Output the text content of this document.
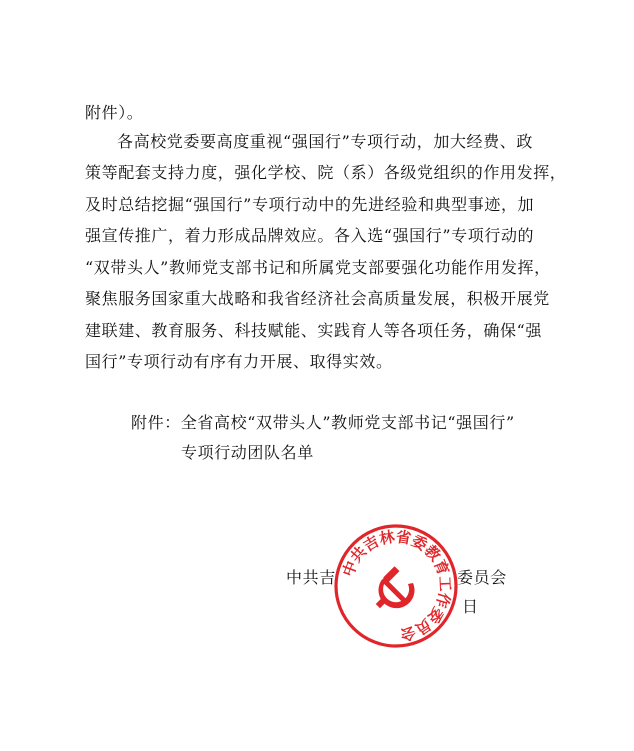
附件）。
各高校党委要高度重视“强国行”专项行动，加大经费、政
策等配套支持力度，强化学校、院（系）各级党组织的作用发挥，
及时总结挖掘“强国行”专项行动中的先进经验和典型事迹，加
强宣传推广，着力形成品牌效应。各入选“强国行”专项行动的
“双带头人”教师党支部书记和所属党支部要强化功能作用发挥，
聚焦服务国家重大战略和我省经济社会高质量发展，积极开展党
建联建、教育服务、科技赋能、实践育人等各项任务，确保“强
国行”专项行动有序有力开展、取得实效。
附件：全省高校“双带头人”教师党支部书记“强国行”
专项行动团队名单
中共吉	委员会
日
中共吉林省委教育工作委员会
